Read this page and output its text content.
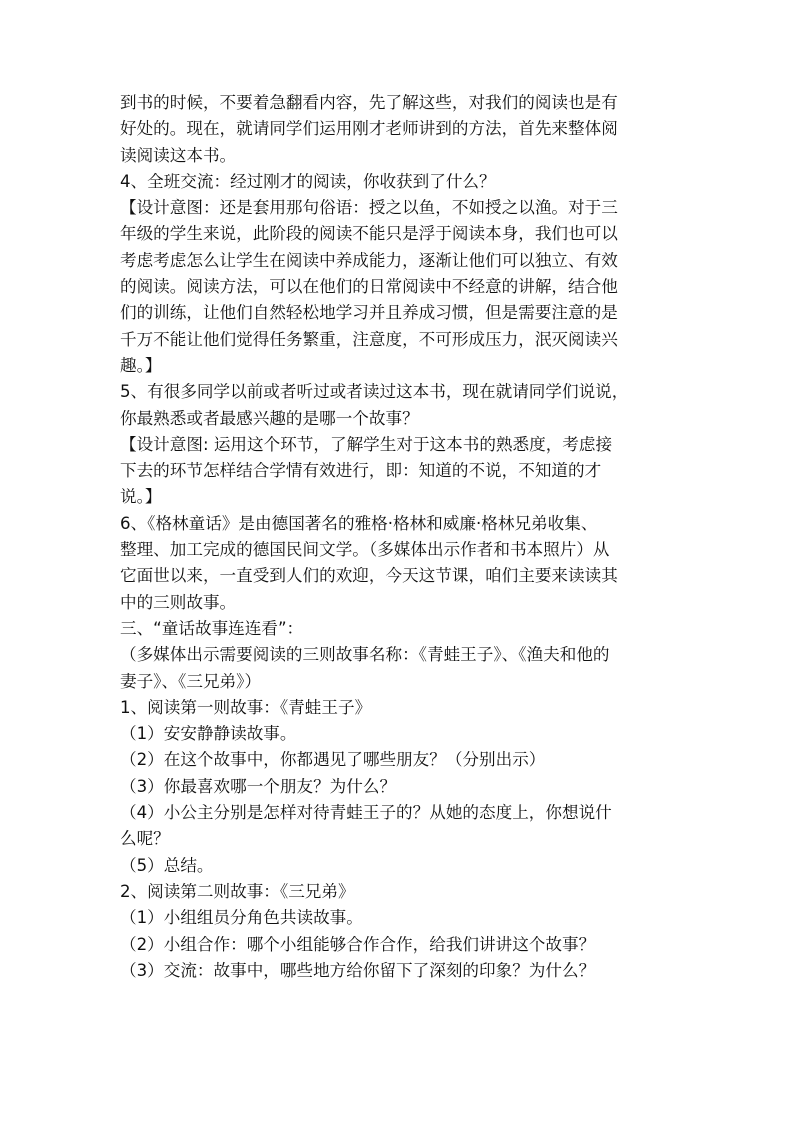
到书的时候，不要着急翻看内容，先了解这些，对我们的阅读也是有
好处的。现在，就请同学们运用刚才老师讲到的方法，首先来整体阅
读阅读这本书。

4、全班交流：经过刚才的阅读，你收获到了什么？

【设计意图：还是套用那句俗语：授之以鱼，不如授之以渔。对于三
年级的学生来说，此阶段的阅读不能只是浮于阅读本身，我们也可以
考虑考虑怎么让学生在阅读中养成能力，逐渐让他们可以独立、有效
的阅读。阅读方法，可以在他们的日常阅读中不经意的讲解，结合他
们的训练，让他们自然轻松地学习并且养成习惯，但是需要注意的是
千万不能让他们觉得任务繁重，注意度，不可形成压力，泯灭阅读兴
趣。】

5、有很多同学以前或者听过或者读过这本书，现在就请同学们说说，
你最熟悉或者最感兴趣的是哪一个故事？

【设计意图: 运用这个环节，了解学生对于这本书的熟悉度，考虑接
下去的环节怎样结合学情有效进行，即：知道的不说，不知道的才
说。】

6、《格林童话》是由德国著名的雅格·格林和威廉·格林兄弟收集、
整理、加工完成的德国民间文学。（多媒体出示作者和书本照片）从
它面世以来，一直受到人们的欢迎，今天这节课，咱们主要来读读其
中的三则故事。

三、“童话故事连连看”：

（多媒体出示需要阅读的三则故事名称：《青蛙王子》、《渔夫和他的
妻子》、《三兄弟》）

1、阅读第一则故事：《青蛙王子》

（1）安安静静读故事。

（2）在这个故事中，你都遇见了哪些朋友？（分别出示）

（3）你最喜欢哪一个朋友？为什么？

（4）小公主分别是怎样对待青蛙王子的？从她的态度上，你想说什
么呢？

（5）总结。

2、阅读第二则故事：《三兄弟》

（1）小组组员分角色共读故事。

（2）小组合作：哪个小组能够合作合作，给我们讲讲这个故事？

（3）交流：故事中，哪些地方给你留下了深刻的印象？为什么？
